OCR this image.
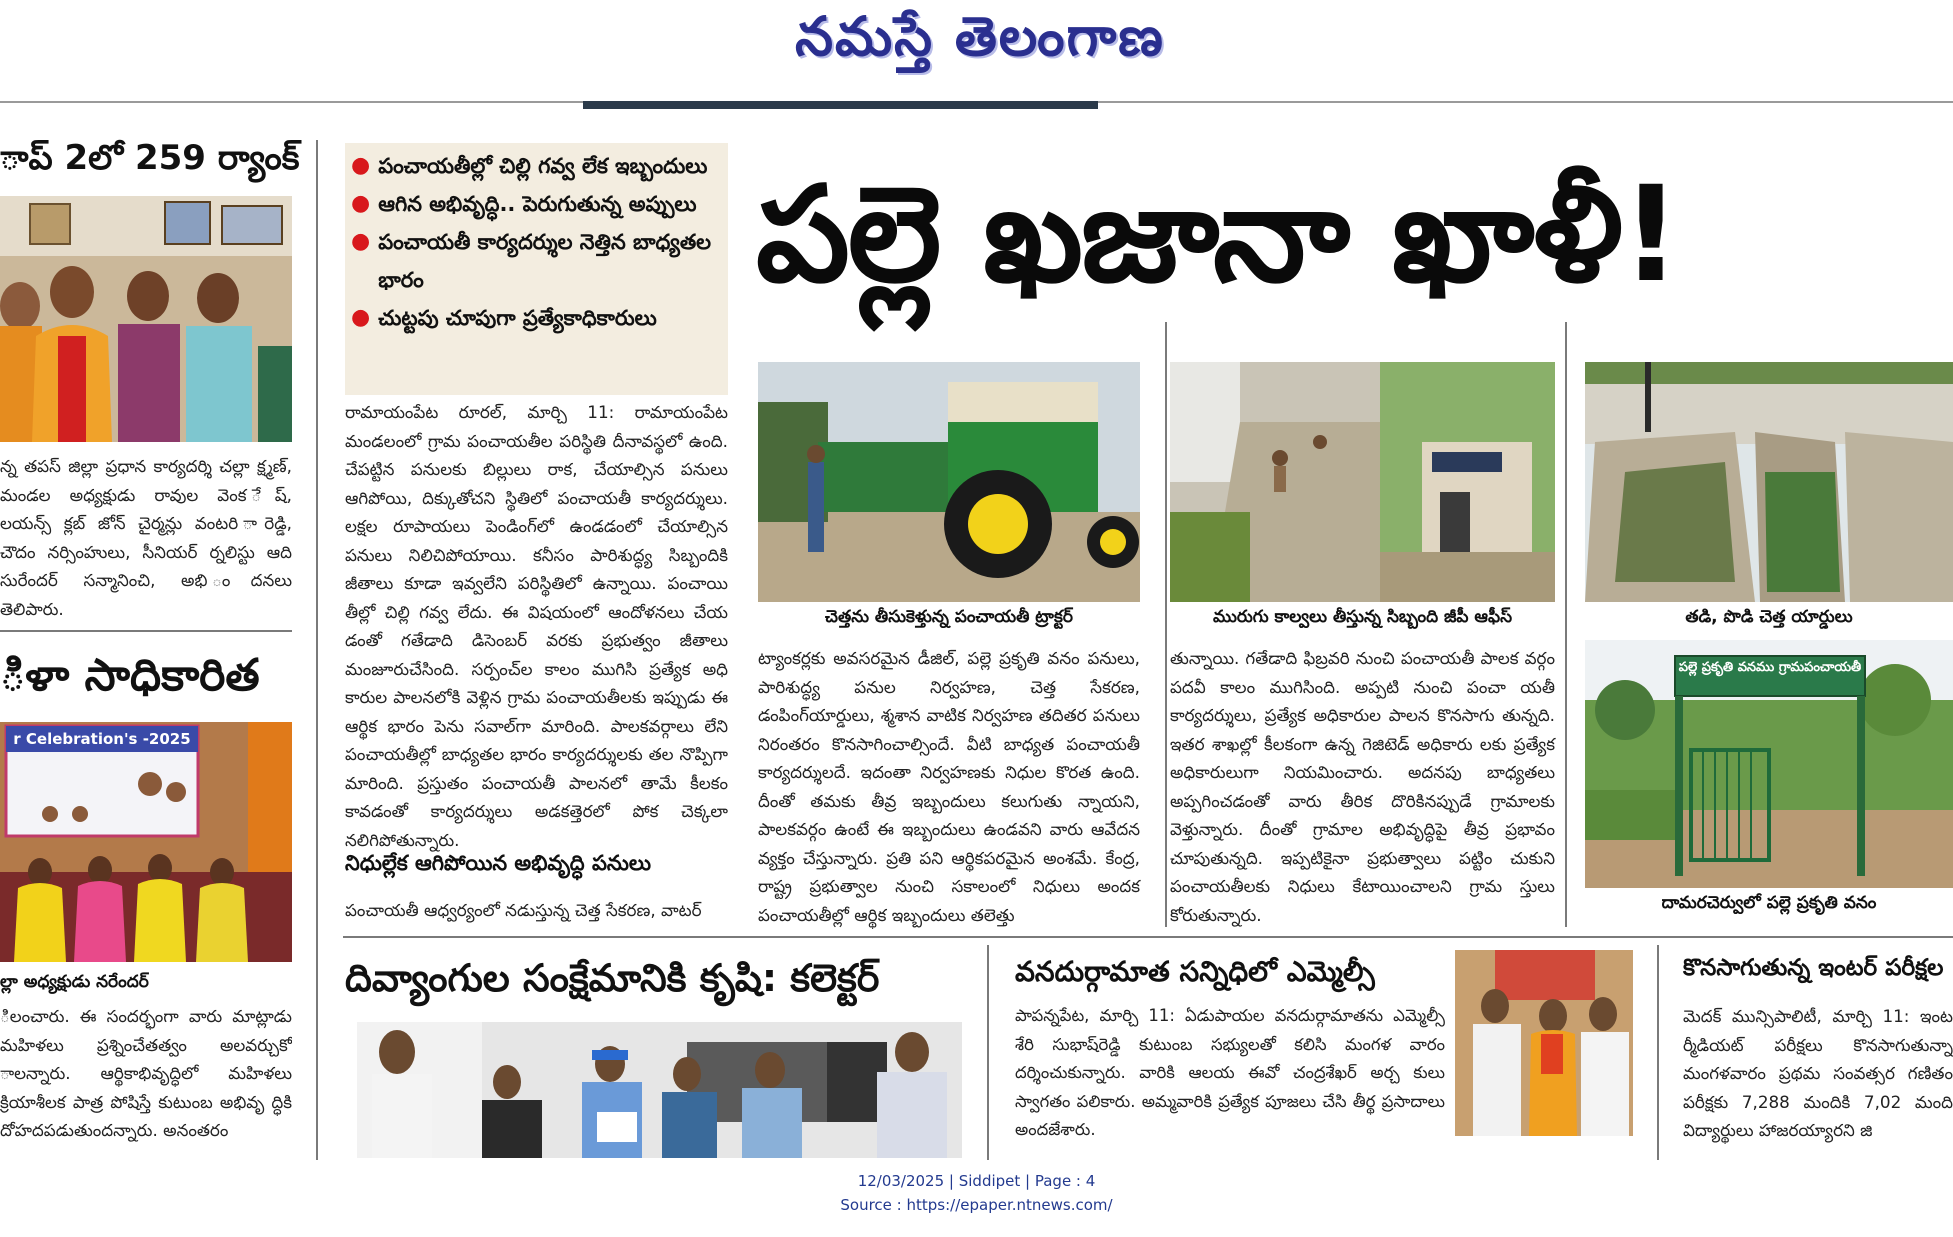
నమస్తే తెలంగాణ
ాప్ 2లో 259 ర్యాంక్
న్న తపస్ జిల్లా ప్రధాన కార్యదర్శి చల్లా క్ష్మణ్, మండల అధ్యక్షుడు రావుల వెంక ేష్, లయన్స్ క్లబ్ జోన్ చైర్మన్లు వంటరి ారెడ్డి, చౌదం నర్సింహులు, సీనియర్ ర్నలిస్టు ఆది సురేందర్ సన్మానించి, అభి ందనలు తెలిపారు.
ిళా సాధికారిత
r Celebration's -2025
ల్లా అధ్యక్షుడు నరేందర్
ిలంచారు. ఈ సందర్భంగా వారు మాట్లాడు మహిళలు ప్రశ్నించేతత్వం అలవర్చుకో ాలన్నారు. ఆర్థికాభివృద్ధిలో మహిళలు క్రియాశీలక పాత్ర పోషిస్తే కుటుంబ అభివృ ద్ధికి దోహదపడుతుందన్నారు. అనంతరం
● పంచాయతీల్లో చిల్లి గవ్వ లేక ఇబ్బందులు
● ఆగిన అభివృద్ధి.. పెరుగుతున్న అప్పులు
● పంచాయతీ కార్యదర్శుల నెత్తిన బాధ్యతల భారం
● చుట్టపు చూపుగా ప్రత్యేకాధికారులు
పల్లె ఖజానా ఖాళీ!
రామాయంపేట రూరల్, మార్చి 11: రామాయంపేట మండలంలో గ్రామ పంచాయతీల పరిస్థితి దీనావస్థలో ఉంది. చేపట్టిన పనులకు బిల్లులు రాక, చేయాల్సిన పనులు ఆగిపోయి, దిక్కుతోచని స్థితిలో పంచాయతీ కార్యదర్శులు. లక్షల రూపాయలు పెండింగ్‌లో ఉండడంలో చేయాల్సిన పనులు నిలిచిపోయాయి. కనీసం పారిశుద్ధ్య సిబ్బందికి జీతాలు కూడా ఇవ్వలేని పరిస్థితిలో ఉన్నాయి. పంచాయి తీల్లో చిల్లి గవ్వ లేదు. ఈ విషయంలో ఆందోళనలు చేయ డంతో గతేడాది డిసెంబర్ వరకు ప్రభుత్వం జీతాలు మంజూరుచేసింది. సర్పంచ్‌ల కాలం ముగిసి ప్రత్యేక అధి కారుల పాలనలోకి వెళ్లిన గ్రామ పంచాయతీలకు ఇప్పుడు ఈ ఆర్థిక భారం పెను సవాల్‌గా మారింది. పాలకవర్గాలు లేని పంచాయతీల్లో బాధ్యతల భారం కార్యదర్శులకు తల నొప్పిగా మారింది. ప్రస్తుతం పంచాయతీ పాలనలో తామే కీలకం కావడంతో కార్యదర్శులు అడకత్తెరలో పోక చెక్కలా నలిగిపోతున్నారు.
నిధుల్లేక ఆగిపోయిన అభివృద్ధి పనులు
పంచాయతీ ఆధ్వర్యంలో నడుస్తున్న చెత్త సేకరణ, వాటర్
చెత్తను తీసుకెళ్తున్న పంచాయతీ ట్రాక్టర్	మురుగు కాల్వలు తీస్తున్న సిబ్బంది జీపీ ఆఫీస్	తడి, పొడి చెత్త యార్డులు
పల్లె ప్రకృతి వనము గ్రామపంచాయతీ
దామరచెర్వులో పల్లె ప్రకృతి వనం
ట్యాంకర్లకు అవసరమైన డీజిల్, పల్లె ప్రకృతి వనం పనులు, పారిశుద్ధ్య పనుల నిర్వహణ, చెత్త సేకరణ, డంపింగ్‌యార్డులు, శ్మశాన వాటిక నిర్వహణ తదితర పనులు నిరంతరం కొనసాగించాల్సిందే. వీటి బాధ్యత పంచాయతీ కార్యదర్శులదే. ఇదంతా నిర్వహణకు నిధుల కొరత ఉంది. దీంతో తమకు తీవ్ర ఇబ్బందులు కలుగుతు న్నాయని, పాలకవర్గం ఉంటే ఈ ఇబ్బందులు ఉండవని వారు ఆవేదన వ్యక్తం చేస్తున్నారు. ప్రతి పని ఆర్థికపరమైన అంశమే. కేంద్ర, రాష్ట్ర ప్రభుత్వాల నుంచి సకాలంలో నిధులు అందక పంచాయతీల్లో ఆర్థిక ఇబ్బందులు తలెత్తు
తున్నాయి. గతేడాది ఫిబ్రవరి నుంచి పంచాయతీ పాలక వర్గం పదవీ కాలం ముగిసింది. అప్పటి నుంచి పంచా యతీ కార్యదర్శులు, ప్రత్యేక అధికారుల పాలన కొనసాగు తున్నది. ఇతర శాఖల్లో కీలకంగా ఉన్న గెజిటెడ్ అధికారు లకు ప్రత్యేక అధికారులుగా నియమించారు. అదనపు బాధ్యతలు అప్పగించడంతో వారు తీరిక దొరికినప్పుడే గ్రామాలకు వెళ్తున్నారు. దీంతో గ్రామాల అభివృద్ధిపై తీవ్ర ప్రభావం చూపుతున్నది. ఇప్పటికైనా ప్రభుత్వాలు పట్టిం చుకుని పంచాయతీలకు నిధులు కేటాయించాలని గ్రామ స్తులు కోరుతున్నారు.
దివ్యాంగుల సంక్షేమానికి కృషి: కలెక్టర్	వనదుర్గామాత సన్నిధిలో ఎమ్మెల్సీ
పాపన్నపేట, మార్చి 11: ఏడుపాయల వనదుర్గామాతను ఎమ్మెల్సీ శేరి సుభాష్‌రెడ్డి కుటుంబ సభ్యులతో కలిసి మంగళ వారం దర్శించుకున్నారు. వారికి ఆలయ ఈవో చంద్రశేఖర్ అర్చ కులు స్వాగతం పలికారు. అమ్మవారికి ప్రత్యేక పూజలు చేసి తీర్థ ప్రసాదాలు అందజేశారు.
కొనసాగుతున్న ఇంటర్ పరీక్షల
మెదక్ మున్సిపాలిటీ, మార్చి 11: ఇంట ర్మీడియట్ పరీక్షలు కొనసాగుతున్నా మంగళవారం ప్రథమ సంవత్సర గణితం పరీక్షకు 7,288 మందికి 7,02 మంది విద్యార్థులు హాజరయ్యారని జి
12/03/2025 | Siddipet | Page : 4
Source : https://epaper.ntnews.com/
